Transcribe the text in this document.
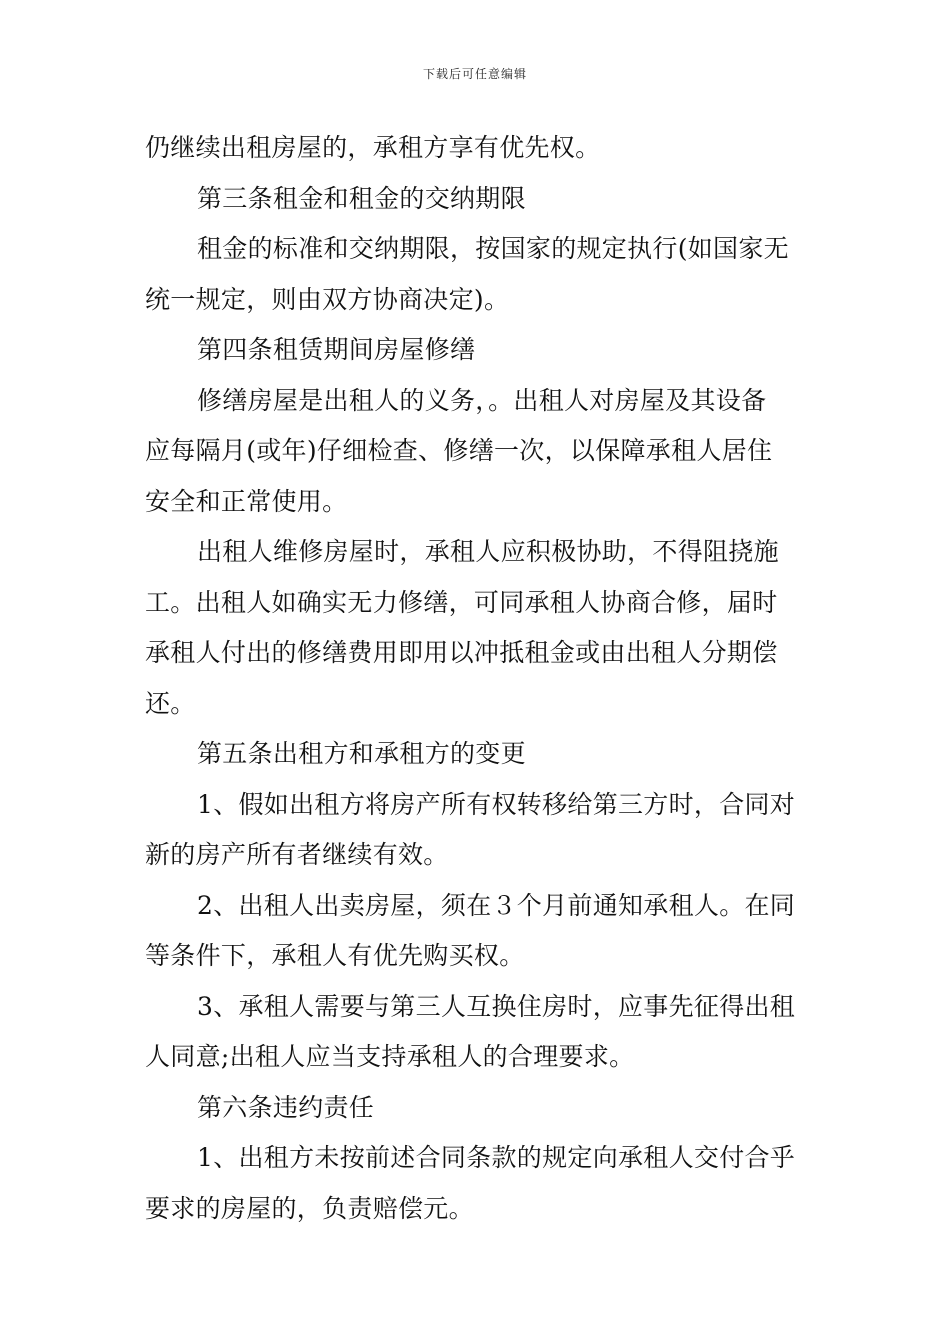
下载后可任意编辑
仍继续出租房屋的，承租方享有优先权。
第三条租金和租金的交纳期限
租金的标准和交纳期限，按国家的规定执行(如国家无
统一规定，则由双方协商决定)。
第四条租赁期间房屋修缮
修缮房屋是出租人的义务，。出租人对房屋及其设备
应每隔月(或年)仔细检查、修缮一次，以保障承租人居住
安全和正常使用。
出租人维修房屋时，承租人应积极协助，不得阻挠施
工。出租人如确实无力修缮，可同承租人协商合修，届时
承租人付出的修缮费用即用以冲抵租金或由出租人分期偿
还。
第五条出租方和承租方的变更
1、假如出租方将房产所有权转移给第三方时，合同对
新的房产所有者继续有效。
2、出租人出卖房屋，须在３个月前通知承租人。在同
等条件下，承租人有优先购买权。
3、承租人需要与第三人互换住房时，应事先征得出租
人同意;出租人应当支持承租人的合理要求。
第六条违约责任
1、出租方未按前述合同条款的规定向承租人交付合乎
要求的房屋的，负责赔偿元。
